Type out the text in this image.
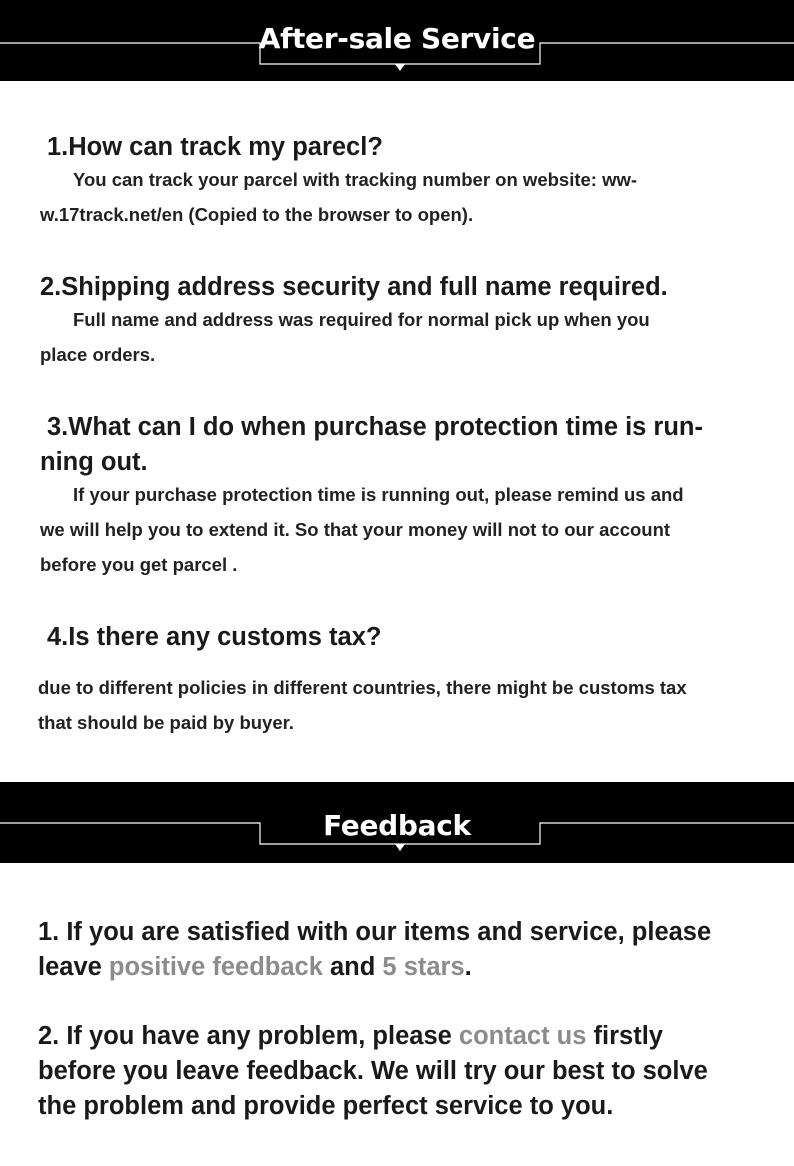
After-sale Service
1.How can track my parecl?
You can track your parcel with tracking number on website: ww-
w.17track.net/en (Copied to the browser to open).
2.Shipping address security and full name required.
Full name and address was required for normal pick up when you
place orders.
3.What can I do when purchase protection time is run-
ning out.
If your purchase protection time is running out, please remind us and
we will help you to extend it. So that your money will not to our account
before you get parcel .
4.Is there any customs tax?
due to different policies in different countries, there might be customs tax
that should be paid by buyer.
Feedback
1. If you are satisfied with our items and service, please
leave positive feedback and 5 stars.
2. If you have any problem, please contact us firstly
before you leave feedback. We will try our best to solve
the problem and provide perfect service to you.
